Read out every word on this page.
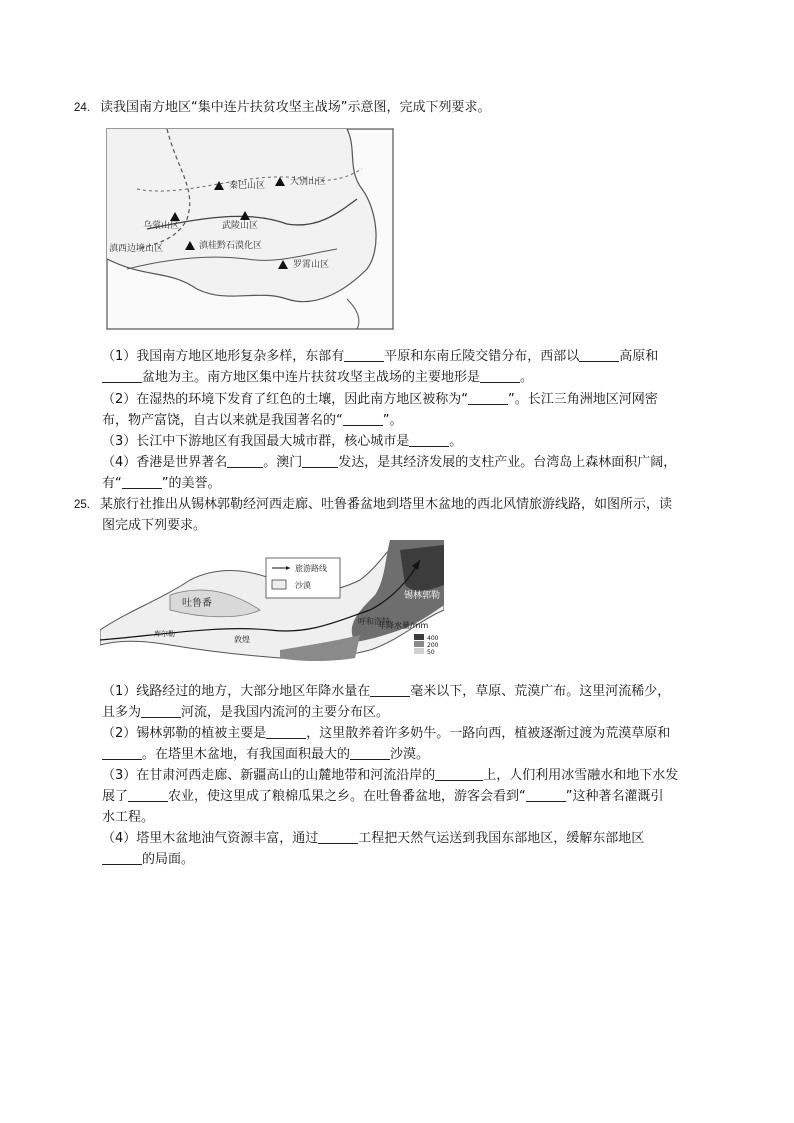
24. 读我国南方地区“集中连片扶贫攻坚主战场”示意图，完成下列要求。
秦巴山区	大别山区
乌蒙山区	武陵山区
滇西边境山区	滇桂黔石漠化区
罗霄山区
（1）我国南方地区地形复杂多样，东部有	平原和东南丘陵交错分布，西部以	高原和
盆地为主。南方地区集中连片扶贫攻坚主战场的主要地形是	。
（2）在湿热的环境下发育了红色的土壤，因此南方地区被称为“	”。长江三角洲地区河网密
布，物产富饶，自古以来就是我国著名的“	”。
（3）长江中下游地区有我国最大城市群，核心城市是	。
（4）香港是世界著名	。澳门	发达，是其经济发展的支柱产业。台湾岛上森林面积广阔，
有“	”的美誉。
25. 某旅行社推出从锡林郭勒经河西走廊、吐鲁番盆地到塔里木盆地的西北风情旅游线路，如图所示，读
图完成下列要求。
旅游路线
沙漠
年降水量/mm
400
200
50
吐鲁番
锡林郭勒
敦煌
库尔勒
呼和浩特
（1）线路经过的地方，大部分地区年降水量在	毫米以下，草原、荒漠广布。这里河流稀少，
且多为	河流，是我国内流河的主要分布区。
（2）锡林郭勒的植被主要是	，这里散养着许多奶牛。一路向西，植被逐渐过渡为荒漠草原和
。在塔里木盆地，有我国面积最大的	沙漠。
（3）在甘肃河西走廊、新疆高山的山麓地带和河流沿岸的	上，人们利用冰雪融水和地下水发
展了	农业，使这里成了粮棉瓜果之乡。在吐鲁番盆地，游客会看到“	”这种著名灌溉引
水工程。
（4）塔里木盆地油气资源丰富，通过	工程把天然气运送到我国东部地区，缓解东部地区
的局面。
